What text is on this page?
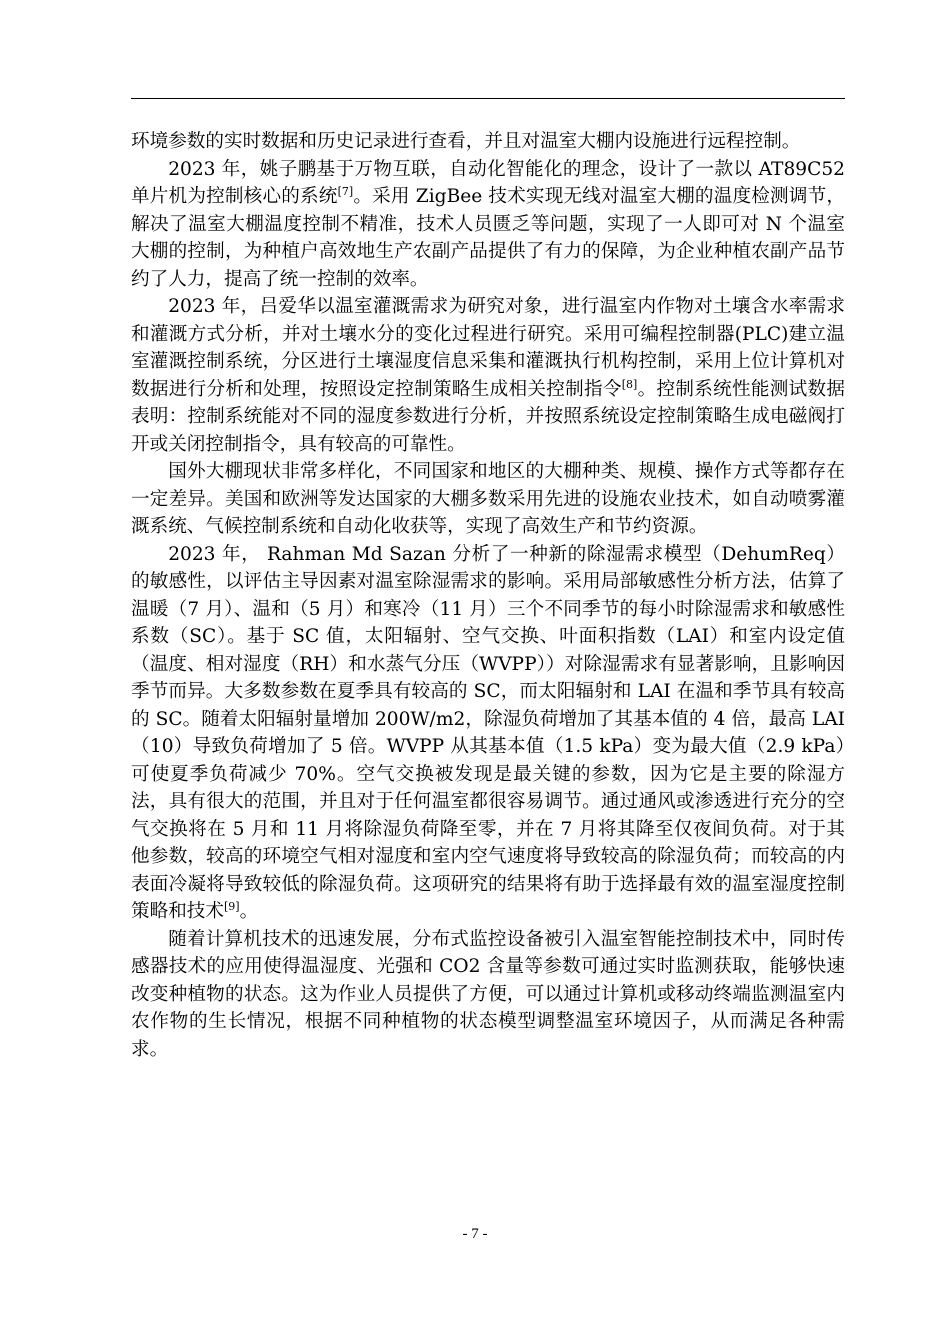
环境参数的实时数据和历史记录进行查看，并且对温室大棚内设施进行远程控制。

2023 年，姚子鹏基于万物互联，自动化智能化的理念，设计了一款以 AT89C52 单片机为控制核心的系统[7]。采用 ZigBee 技术实现无线对温室大棚的温度检测调节，解决了温室大棚温度控制不精准，技术人员匮乏等问题，实现了一人即可对 N 个温室大棚的控制，为种植户高效地生产农副产品提供了有力的保障，为企业种植农副产品节约了人力，提高了统一控制的效率。

2023 年，吕爱华以温室灌溉需求为研究对象，进行温室内作物对土壤含水率需求和灌溉方式分析，并对土壤水分的变化过程进行研究。采用可编程控制器(PLC)建立温室灌溉控制系统，分区进行土壤湿度信息采集和灌溉执行机构控制，采用上位计算机对数据进行分析和处理，按照设定控制策略生成相关控制指令[8]。控制系统性能测试数据表明：控制系统能对不同的湿度参数进行分析，并按照系统设定控制策略生成电磁阀打开或关闭控制指令，具有较高的可靠性。

国外大棚现状非常多样化，不同国家和地区的大棚种类、规模、操作方式等都存在一定差异。美国和欧洲等发达国家的大棚多数采用先进的设施农业技术，如自动喷雾灌溉系统、气候控制系统和自动化收获等，实现了高效生产和节约资源。

2023 年， Rahman Md Sazan 分析了一种新的除湿需求模型（DehumReq）的敏感性，以评估主导因素对温室除湿需求的影响。采用局部敏感性分析方法，估算了温暖（7 月）、温和（5 月）和寒冷（11 月）三个不同季节的每小时除湿需求和敏感性系数（SC）。基于 SC 值，太阳辐射、空气交换、叶面积指数（LAI）和室内设定值（温度、相对湿度（RH）和水蒸气分压（WVPP））对除湿需求有显著影响，且影响因季节而异。大多数参数在夏季具有较高的 SC，而太阳辐射和 LAI 在温和季节具有较高的 SC。随着太阳辐射量增加 200W/m2，除湿负荷增加了其基本值的 4 倍，最高 LAI（10）导致负荷增加了 5 倍。WVPP 从其基本值（1.5 kPa）变为最大值（2.9 kPa）可使夏季负荷减少 70%。空气交换被发现是最关键的参数，因为它是主要的除湿方法，具有很大的范围，并且对于任何温室都很容易调节。通过通风或渗透进行充分的空气交换将在 5 月和 11 月将除湿负荷降至零，并在 7 月将其降至仅夜间负荷。对于其他参数，较高的环境空气相对湿度和室内空气速度将导致较高的除湿负荷；而较高的内表面冷凝将导致较低的除湿负荷。这项研究的结果将有助于选择最有效的温室湿度控制策略和技术[9]。

随着计算机技术的迅速发展，分布式监控设备被引入温室智能控制技术中，同时传感器技术的应用使得温湿度、光强和 CO2 含量等参数可通过实时监测获取，能够快速改变种植物的状态。这为作业人员提供了方便，可以通过计算机或移动终端监测温室内农作物的生长情况，根据不同种植物的状态模型调整温室环境因子，从而满足各种需求。

- 7 -
